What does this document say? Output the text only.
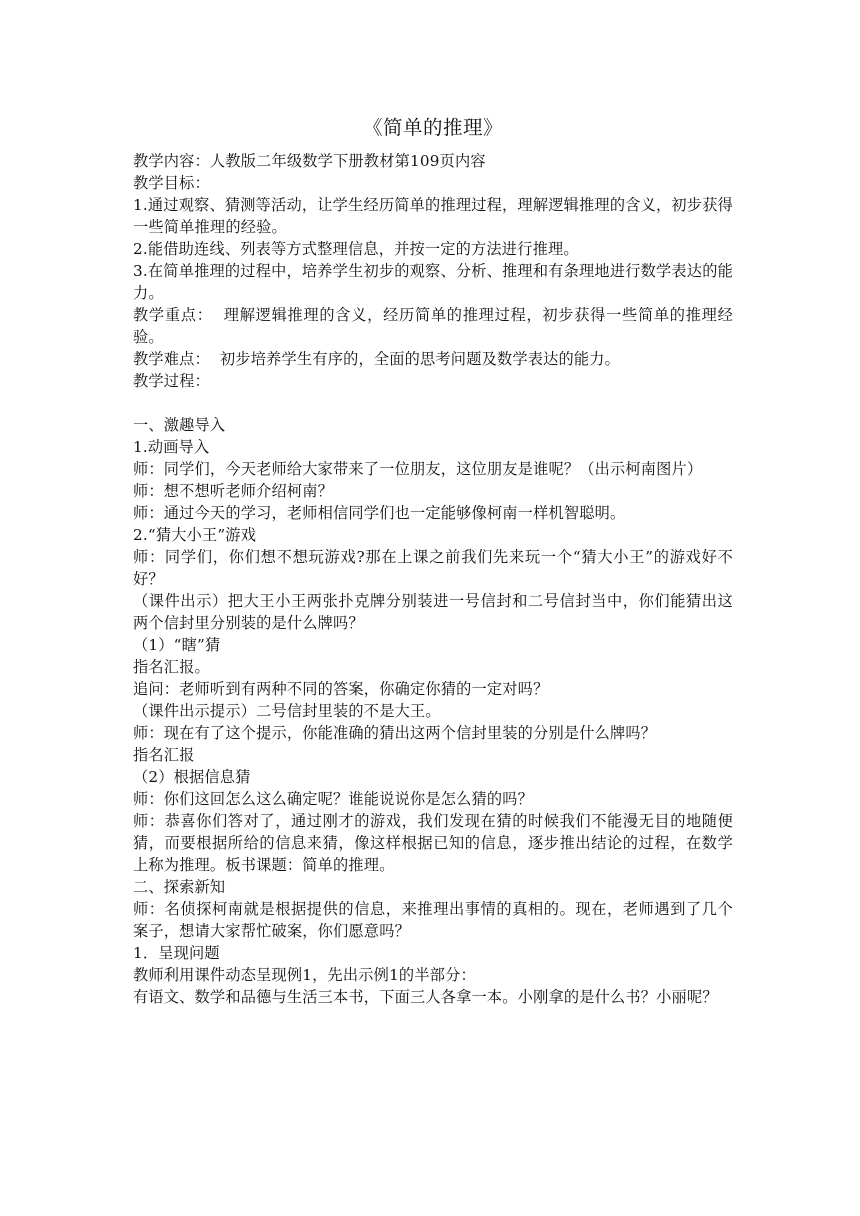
《简单的推理》

教学内容：人教版二年级数学下册教材第109页内容

教学目标：

1.通过观察、猜测等活动，让学生经历简单的推理过程，理解逻辑推理的含义，初步获得一些简单推理的经验。

2.能借助连线、列表等方式整理信息，并按一定的方法进行推理。

3.在简单推理的过程中，培养学生初步的观察、分析、推理和有条理地进行数学表达的能力。

教学重点：  理解逻辑推理的含义，经历简单的推理过程，初步获得一些简单的推理经验。

教学难点：  初步培养学生有序的，全面的思考问题及数学表达的能力。

教学过程：

一、激趣导入

1.动画导入

师：同学们，今天老师给大家带来了一位朋友，这位朋友是谁呢？（出示柯南图片）

师：想不想听老师介绍柯南？

师：通过今天的学习，老师相信同学们也一定能够像柯南一样机智聪明。

2.“猜大小王”游戏

师：同学们，你们想不想玩游戏?那在上课之前我们先来玩一个“猜大小王”的游戏好不好？

（课件出示）把大王小王两张扑克牌分别装进一号信封和二号信封当中，你们能猜出这两个信封里分别装的是什么牌吗？

（1）“瞎”猜

指名汇报。

追问：老师听到有两种不同的答案，你确定你猜的一定对吗？

（课件出示提示）二号信封里装的不是大王。

师：现在有了这个提示，你能准确的猜出这两个信封里装的分别是什么牌吗？

指名汇报

（2）根据信息猜

师：你们这回怎么这么确定呢？谁能说说你是怎么猜的吗？

师：恭喜你们答对了，通过刚才的游戏，我们发现在猜的时候我们不能漫无目的地随便猜，而要根据所给的信息来猜，像这样根据已知的信息，逐步推出结论的过程，在数学上称为推理。板书课题：简单的推理。

二、探索新知

师：名侦探柯南就是根据提供的信息，来推理出事情的真相的。现在，老师遇到了几个案子，想请大家帮忙破案，你们愿意吗？

1．呈现问题

教师利用课件动态呈现例1，先出示例1的半部分：

有语文、数学和品德与生活三本书，下面三人各拿一本。小刚拿的是什么书？小丽呢？
